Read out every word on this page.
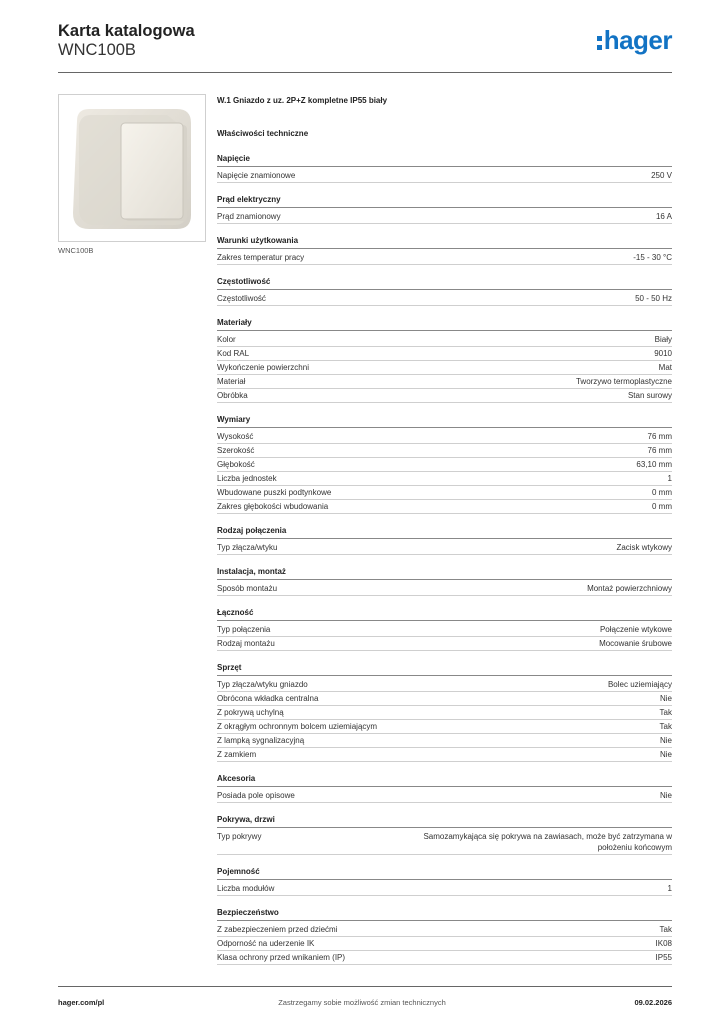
Karta katalogowa
WNC100B	hager
WNC100B
W.1 Gniazdo z uz. 2P+Z kompletne IP55 biały
Właściwości techniczne
Napięcie
Napięcie znamionowe	250 V
Prąd elektryczny
Prąd znamionowy	16 A
Warunki użytkowania
Zakres temperatur pracy	-15 - 30 °C
Częstotliwość
Częstotliwość	50 - 50 Hz
Materiały
Kolor	Biały
Kod RAL	9010
Wykończenie powierzchni	Mat
Materiał	Tworzywo termoplastyczne
Obróbka	Stan surowy
Wymiary
Wysokość	76 mm
Szerokość	76 mm
Głębokość	63,10 mm
Liczba jednostek	1
Wbudowane puszki podtynkowe	0 mm
Zakres głębokości wbudowania	0 mm
Rodzaj połączenia
Typ złącza/wtyku	Zacisk wtykowy
Instalacja, montaż
Sposób montażu	Montaż powierzchniowy
Łączność
Typ połączenia	Połączenie wtykowe
Rodzaj montażu	Mocowanie śrubowe
Sprzęt
Typ złącza/wtyku gniazdo	Bolec uziemiający
Obrócona wkładka centralna	Nie
Z pokrywą uchylną	Tak
Z okrągłym ochronnym bolcem uziemiającym	Tak
Z lampką sygnalizacyjną	Nie
Z zamkiem	Nie
Akcesoria
Posiada pole opisowe	Nie
Pokrywa, drzwi
Typ pokrywy	Samozamykająca się pokrywa na zawiasach, może być zatrzymana w położeniu końcowym
Pojemność
Liczba modułów	1
Bezpieczeństwo
Z zabezpieczeniem przed dziećmi	Tak
Odporność na uderzenie IK	IK08
Klasa ochrony przed wnikaniem (IP)	IP55
hager.com/pl	Zastrzegamy sobie możliwość zmian technicznych	09.02.2026
